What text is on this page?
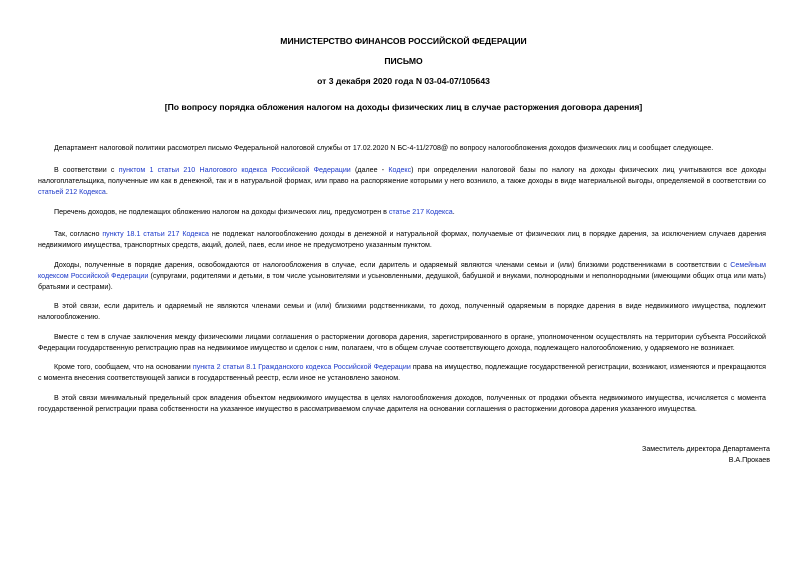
МИНИСТЕРСТВО ФИНАНСОВ РОССИЙСКОЙ ФЕДЕРАЦИИ
ПИСЬМО
от 3 декабря 2020 года N 03-04-07/105643
[По вопросу порядка обложения налогом на доходы физических лиц в случае расторжения договора дарения]

Департамент налоговой политики рассмотрел письмо Федеральной налоговой службы от 17.02.2020 N БС-4-11/2708@ по вопросу налогообложения доходов физических лиц и сообщает следующее.

В соответствии с пунктом 1 статьи 210 Налогового кодекса Российской Федерации (далее - Кодекс) при определении налоговой базы по налогу на доходы физических лиц учитываются все доходы налогоплательщика, полученные им как в денежной, так и в натуральной формах, или право на распоряжение которыми у него возникло, а также доходы в виде материальной выгоды, определяемой в соответствии со статьей 212 Кодекса.

Перечень доходов, не подлежащих обложению налогом на доходы физических лиц, предусмотрен в статье 217 Кодекса.

Так, согласно пункту 18.1 статьи 217 Кодекса не подлежат налогообложению доходы в денежной и натуральной формах, получаемые от физических лиц в порядке дарения, за исключением случаев дарения недвижимого имущества, транспортных средств, акций, долей, паев, если иное не предусмотрено указанным пунктом.

Доходы, полученные в порядке дарения, освобождаются от налогообложения в случае, если даритель и одаряемый являются членами семьи и (или) близкими родственниками в соответствии с Семейным кодексом Российской Федерации (супругами, родителями и детьми, в том числе усыновителями и усыновленными, дедушкой, бабушкой и внуками, полнородными и неполнородными (имеющими общих отца или мать) братьями и сестрами).

В этой связи, если даритель и одаряемый не являются членами семьи и (или) близкими родственниками, то доход, полученный одаряемым в порядке дарения в виде недвижимого имущества, подлежит налогообложению.

Вместе с тем в случае заключения между физическими лицами соглашения о расторжении договора дарения, зарегистрированного в органе, уполномоченном осуществлять на территории субъекта Российской Федерации государственную регистрацию прав на недвижимое имущество и сделок с ним, полагаем, что в общем случае соответствующего дохода, подлежащего налогообложению, у одаряемого не возникает.

Кроме того, сообщаем, что на основании пункта 2 статьи 8.1 Гражданского кодекса Российской Федерации права на имущество, подлежащие государственной регистрации, возникают, изменяются и прекращаются с момента внесения соответствующей записи в государственный реестр, если иное не установлено законом.

В этой связи минимальный предельный срок владения объектом недвижимого имущества в целях налогообложения доходов, полученных от продажи объекта недвижимого имущества, исчисляется с момента государственной регистрации права собственности на указанное имущество в рассматриваемом случае дарителя на основании соглашения о расторжении договора дарения указанного имущества.

Заместитель директора Департамента
В.А.Прокаев
